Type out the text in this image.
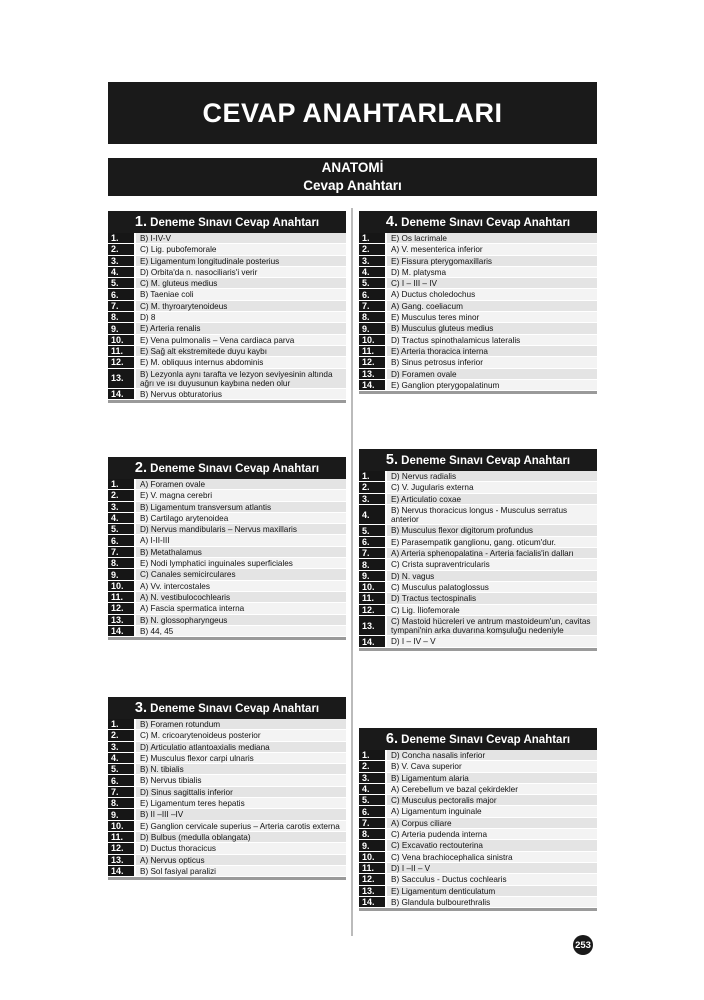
CEVAP ANAHTARLARI
ANATOMİ
Cevap Anahtarı
1. Deneme Sınavı Cevap Anahtarı
1.	B) I-IV-V
2.	C) Lig. pubofemorale
3.	E) Ligamentum longitudinale posterius
4.	D) Orbita'da n. nasociliaris'i verir
5.	C) M. gluteus medius
6.	B) Taeniae coli
7.	C) M. thyroarytenoideus
8.	D) 8
9.	E) Arteria renalis
10.	E) Vena pulmonalis – Vena cardiaca parva
11.	E) Sağ alt ekstremitede duyu kaybı
12.	E) M. obliquus internus abdominis
13.	B) Lezyonla aynı tarafta ve lezyon seviyesinin altında ağrı ve ısı duyusunun kaybına neden olur
14.	B) Nervus obturatorius
2. Deneme Sınavı Cevap Anahtarı
1.	A) Foramen ovale
2.	E) V. magna cerebri
3.	B) Ligamentum transversum atlantis
4.	B) Cartilago arytenoidea
5.	D) Nervus mandibularis – Nervus maxillaris
6.	A) I-II-III
7.	B) Metathalamus
8.	E) Nodi lymphatici inguinales superficiales
9.	C) Canales semicirculares
10.	A) Vv. intercostales
11.	A) N. vestibulocochlearis
12.	A) Fascia spermatica interna
13.	B) N. glossopharyngeus
14.	B) 44, 45
3. Deneme Sınavı Cevap Anahtarı
1.	B) Foramen rotundum
2.	C) M. cricoarytenoideus posterior
3.	D) Articulatio atlantoaxialis mediana
4.	E) Musculus flexor carpi ulnaris
5.	B) N. tibialis
6.	B) Nervus tibialis
7.	D) Sinus sagittalis inferior
8.	E) Ligamentum teres hepatis
9.	B) II –III –IV
10.	E) Ganglion cervicale superius – Arteria carotis externa
11.	D) Bulbus (medulla oblangata)
12.	D) Ductus thoracicus
13.	A) Nervus opticus
14.	B) Sol fasiyal paralizi
4. Deneme Sınavı Cevap Anahtarı
1.	E) Os lacrimale
2.	A) V. mesenterica inferior
3.	E) Fissura pterygomaxillaris
4.	D) M. platysma
5.	C) I – III – IV
6.	A) Ductus choledochus
7.	A) Gang. coeliacum
8.	E) Musculus teres minor
9.	B) Musculus gluteus medius
10.	D) Tractus spinothalamicus lateralis
11.	E) Arteria thoracica interna
12.	B) Sinus petrosus inferior
13.	D) Foramen ovale
14.	E) Ganglion pterygopalatinum
5. Deneme Sınavı Cevap Anahtarı
1.	D) Nervus radialis
2.	C) V. Jugularis externa
3.	E) Articulatio coxae
4.	B) Nervus thoracicus longus - Musculus serratus anterior
5.	B) Musculus flexor digitorum profundus
6.	E) Parasempatik ganglionu, gang. oticum'dur.
7.	A) Arteria sphenopalatina - Arteria facialis'in dalları
8.	C) Crista supraventricularis
9.	D) N. vagus
10.	C) Musculus palatoglossus
11.	D) Tractus tectospinalis
12.	C) Lig. İliofemorale
13.	C) Mastoid hücreleri ve antrum mastoideum'un, cavitas tympani'nin arka duvarına komşuluğu nedeniyle
14.	D) I – IV – V
6. Deneme Sınavı Cevap Anahtarı
1.	D) Concha nasalis inferior
2.	B) V. Cava superior
3.	B) Ligamentum alaria
4.	A) Cerebellum ve bazal çekirdekler
5.	C) Musculus pectoralis major
6.	A) Ligamentum inguinale
7.	A) Corpus ciliare
8.	C) Arteria pudenda interna
9.	C) Excavatio rectouterina
10.	C) Vena brachiocephalica sinistra
11.	D) I –II – V
12.	B) Sacculus - Ductus cochlearis
13.	E) Ligamentum denticulatum
14.	B) Glandula bulbourethralis
253
